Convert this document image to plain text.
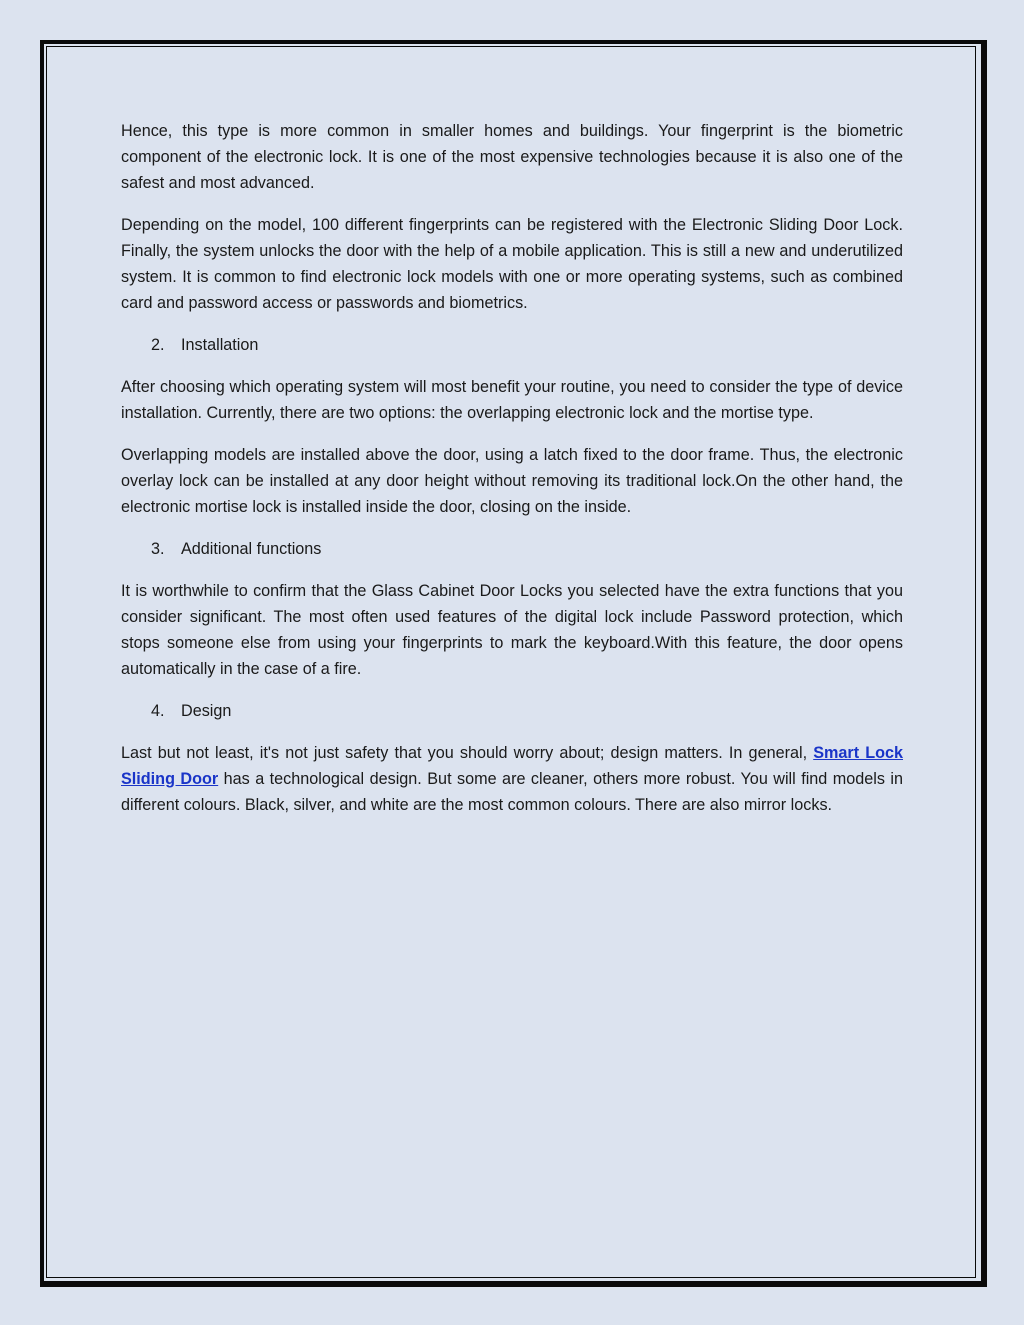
Hence, this type is more common in smaller homes and buildings. Your fingerprint is the biometric component of the electronic lock. It is one of the most expensive technologies because it is also one of the safest and most advanced.

Depending on the model, 100 different fingerprints can be registered with the Electronic Sliding Door Lock. Finally, the system unlocks the door with the help of a mobile application. This is still a new and underutilized system. It is common to find electronic lock models with one or more operating systems, such as combined card and password access or passwords and biometrics.

2.	Installation

After choosing which operating system will most benefit your routine, you need to consider the type of device installation. Currently, there are two options: the overlapping electronic lock and the mortise type.

Overlapping models are installed above the door, using a latch fixed to the door frame. Thus, the electronic overlay lock can be installed at any door height without removing its traditional lock.On the other hand, the electronic mortise lock is installed inside the door, closing on the inside.

3.	Additional functions

It is worthwhile to confirm that the Glass Cabinet Door Locks you selected have the extra functions that you consider significant. The most often used features of the digital lock include Password protection, which stops someone else from using your fingerprints to mark the keyboard.With this feature, the door opens automatically in the case of a fire.

4.	Design

Last but not least, it's not just safety that you should worry about; design matters. In general, Smart Lock Sliding Door has a technological design. But some are cleaner, others more robust. You will find models in different colours. Black, silver, and white are the most common colours. There are also mirror locks.
